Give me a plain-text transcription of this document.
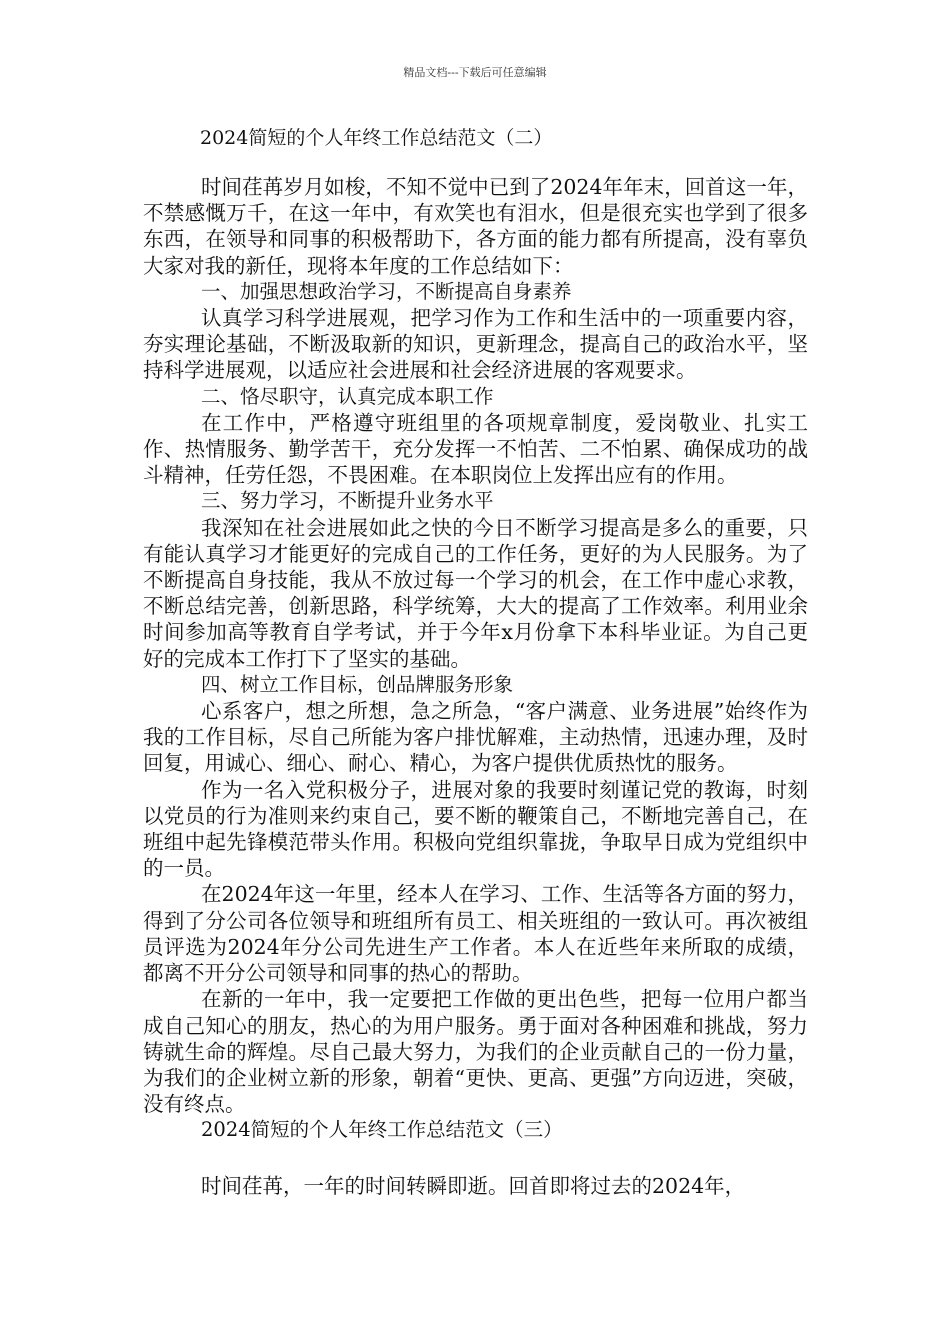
精品文档---下载后可任意编辑
2024简短的个人年终工作总结范文（二）

时间荏苒岁月如梭，不知不觉中已到了2024年年末，回首这一年，不禁感慨万千，在这一年中，有欢笑也有泪水，但是很充实也学到了很多东西，在领导和同事的积极帮助下，各方面的能力都有所提高，没有辜负大家对我的新任，现将本年度的工作总结如下：

一、加强思想政治学习，不断提高自身素养

认真学习科学进展观，把学习作为工作和生活中的一项重要内容，夯实理论基础，不断汲取新的知识，更新理念，提高自己的政治水平，坚持科学进展观，以适应社会进展和社会经济进展的客观要求。

二、恪尽职守，认真完成本职工作

在工作中，严格遵守班组里的各项规章制度，爱岗敬业、扎实工作、热情服务、勤学苦干，充分发挥一不怕苦、二不怕累、确保成功的战斗精神，任劳任怨，不畏困难。在本职岗位上发挥出应有的作用。

三、努力学习，不断提升业务水平

我深知在社会进展如此之快的今日不断学习提高是多么的重要，只有能认真学习才能更好的完成自己的工作任务，更好的为人民服务。为了不断提高自身技能，我从不放过每一个学习的机会，在工作中虚心求教，不断总结完善，创新思路，科学统筹，大大的提高了工作效率。利用业余时间参加高等教育自学考试，并于今年x月份拿下本科毕业证。为自己更好的完成本工作打下了坚实的基础。

四、树立工作目标，创品牌服务形象

心系客户，想之所想，急之所急，“客户满意、业务进展”始终作为我的工作目标，尽自己所能为客户排忧解难，主动热情，迅速办理，及时回复，用诚心、细心、耐心、精心，为客户提供优质热忱的服务。

作为一名入党积极分子，进展对象的我要时刻谨记党的教诲，时刻以党员的行为准则来约束自己，要不断的鞭策自己，不断地完善自己，在班组中起先锋模范带头作用。积极向党组织靠拢，争取早日成为党组织中的一员。

在2024年这一年里，经本人在学习、工作、生活等各方面的努力，得到了分公司各位领导和班组所有员工、相关班组的一致认可。再次被组员评选为2024年分公司先进生产工作者。本人在近些年来所取的成绩，都离不开分公司领导和同事的热心的帮助。

在新的一年中，我一定要把工作做的更出色些，把每一位用户都当成自己知心的朋友，热心的为用户服务。勇于面对各种困难和挑战，努力铸就生命的辉煌。尽自己最大努力，为我们的企业贡献自己的一份力量，为我们的企业树立新的形象，朝着“更快、更高、更强”方向迈进，突破，没有终点。

2024简短的个人年终工作总结范文（三）

时间荏苒，一年的时间转瞬即逝。回首即将过去的2024年，
